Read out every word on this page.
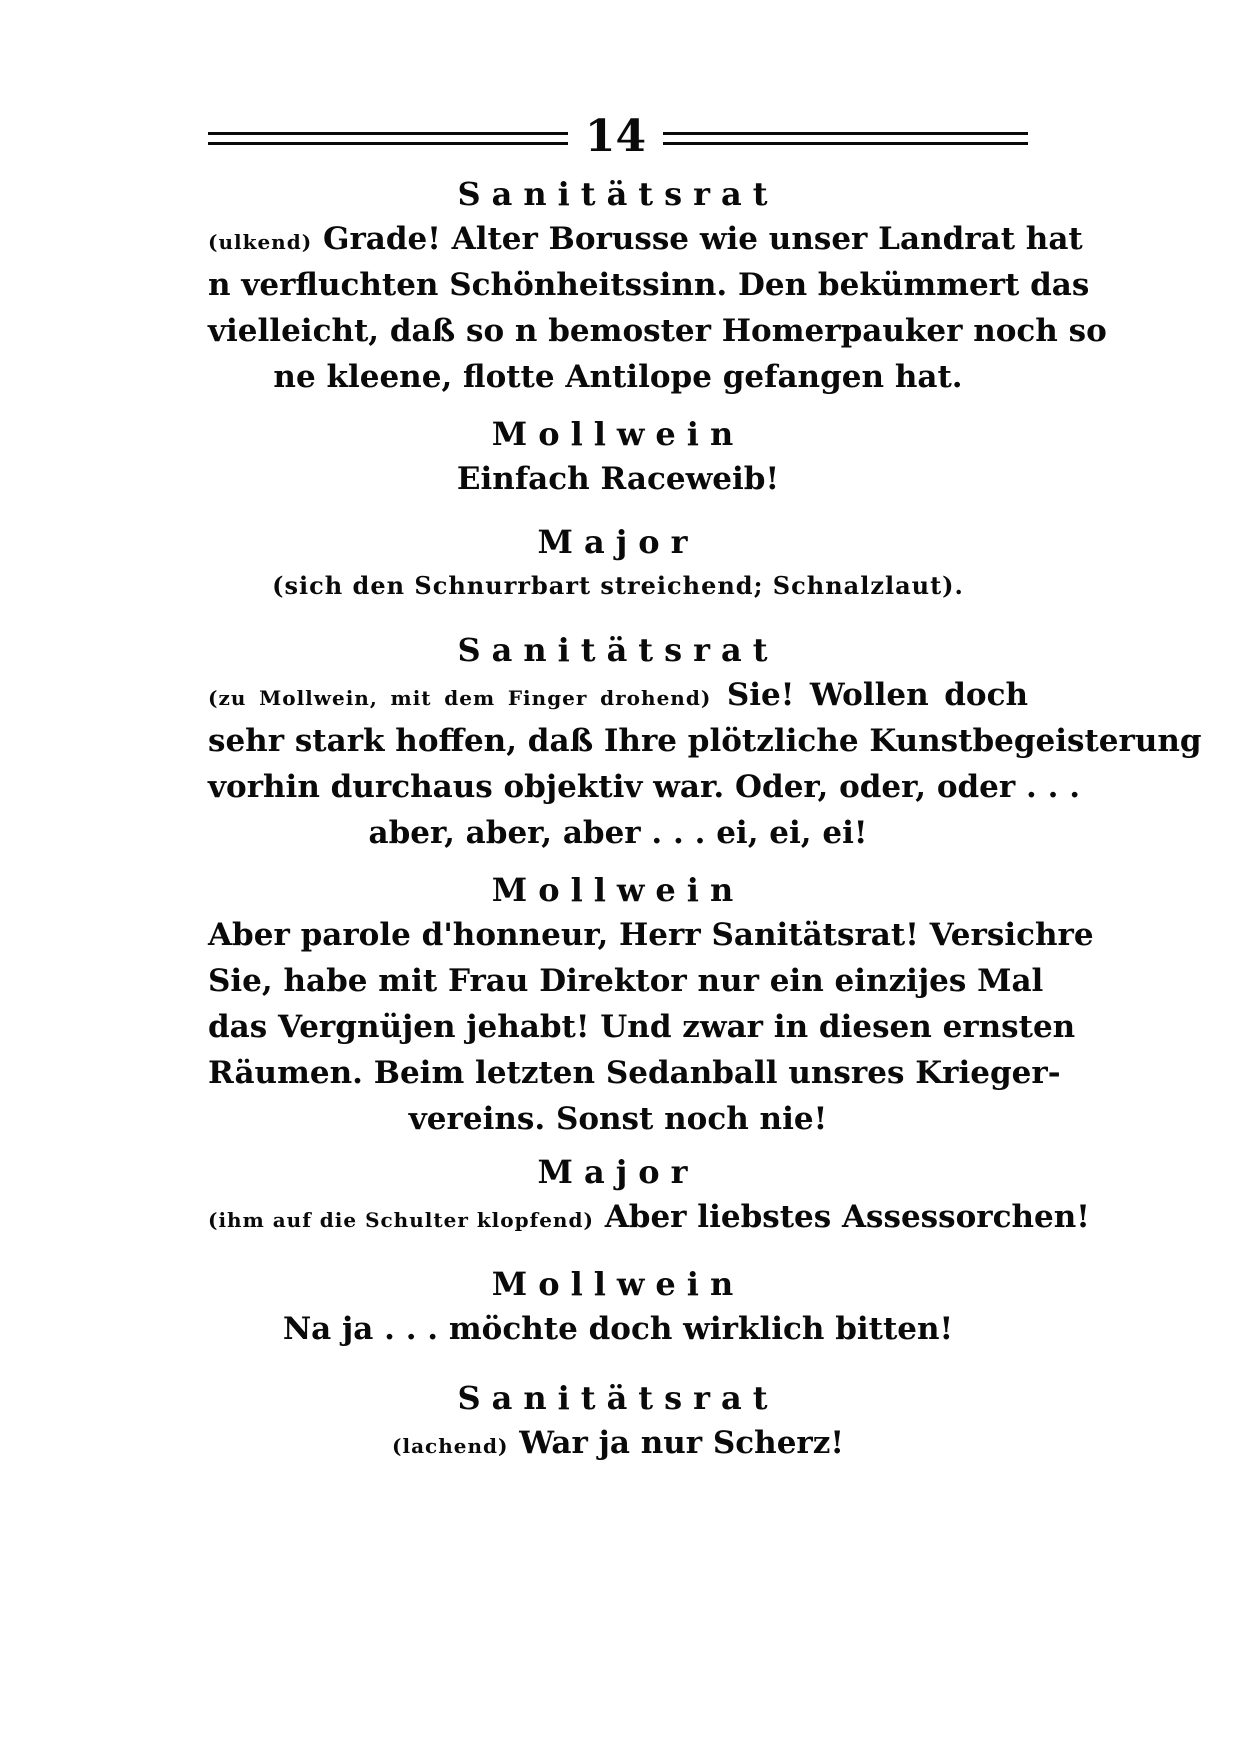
14
Sanitätsrat
(ulkend) Grade! Alter Borusse wie unser Landrat hat
n verfluchten Schönheitssinn. Den bekümmert das
vielleicht, daß so n bemoster Homerpauker noch so
ne kleene, flotte Antilope gefangen hat.
Mollwein
Einfach Raceweib!
Major
(sich den Schnurrbart streichend; Schnalzlaut).
Sanitätsrat
(zu Mollwein, mit dem Finger drohend) Sie! Wollen doch
sehr stark hoffen, daß Ihre plötzliche Kunstbegeisterung
vorhin durchaus objektiv war. Oder, oder, oder . . .
aber, aber, aber . . . ei, ei, ei!
Mollwein
Aber parole d'honneur, Herr Sanitätsrat! Versichre
Sie, habe mit Frau Direktor nur ein einzijes Mal
das Vergnüjen jehabt! Und zwar in diesen ernsten
Räumen. Beim letzten Sedanball unsres Krieger-
vereins. Sonst noch nie!
Major
(ihm auf die Schulter klopfend) Aber liebstes Assessorchen!
Mollwein
Na ja . . . möchte doch wirklich bitten!
Sanitätsrat
(lachend) War ja nur Scherz!
